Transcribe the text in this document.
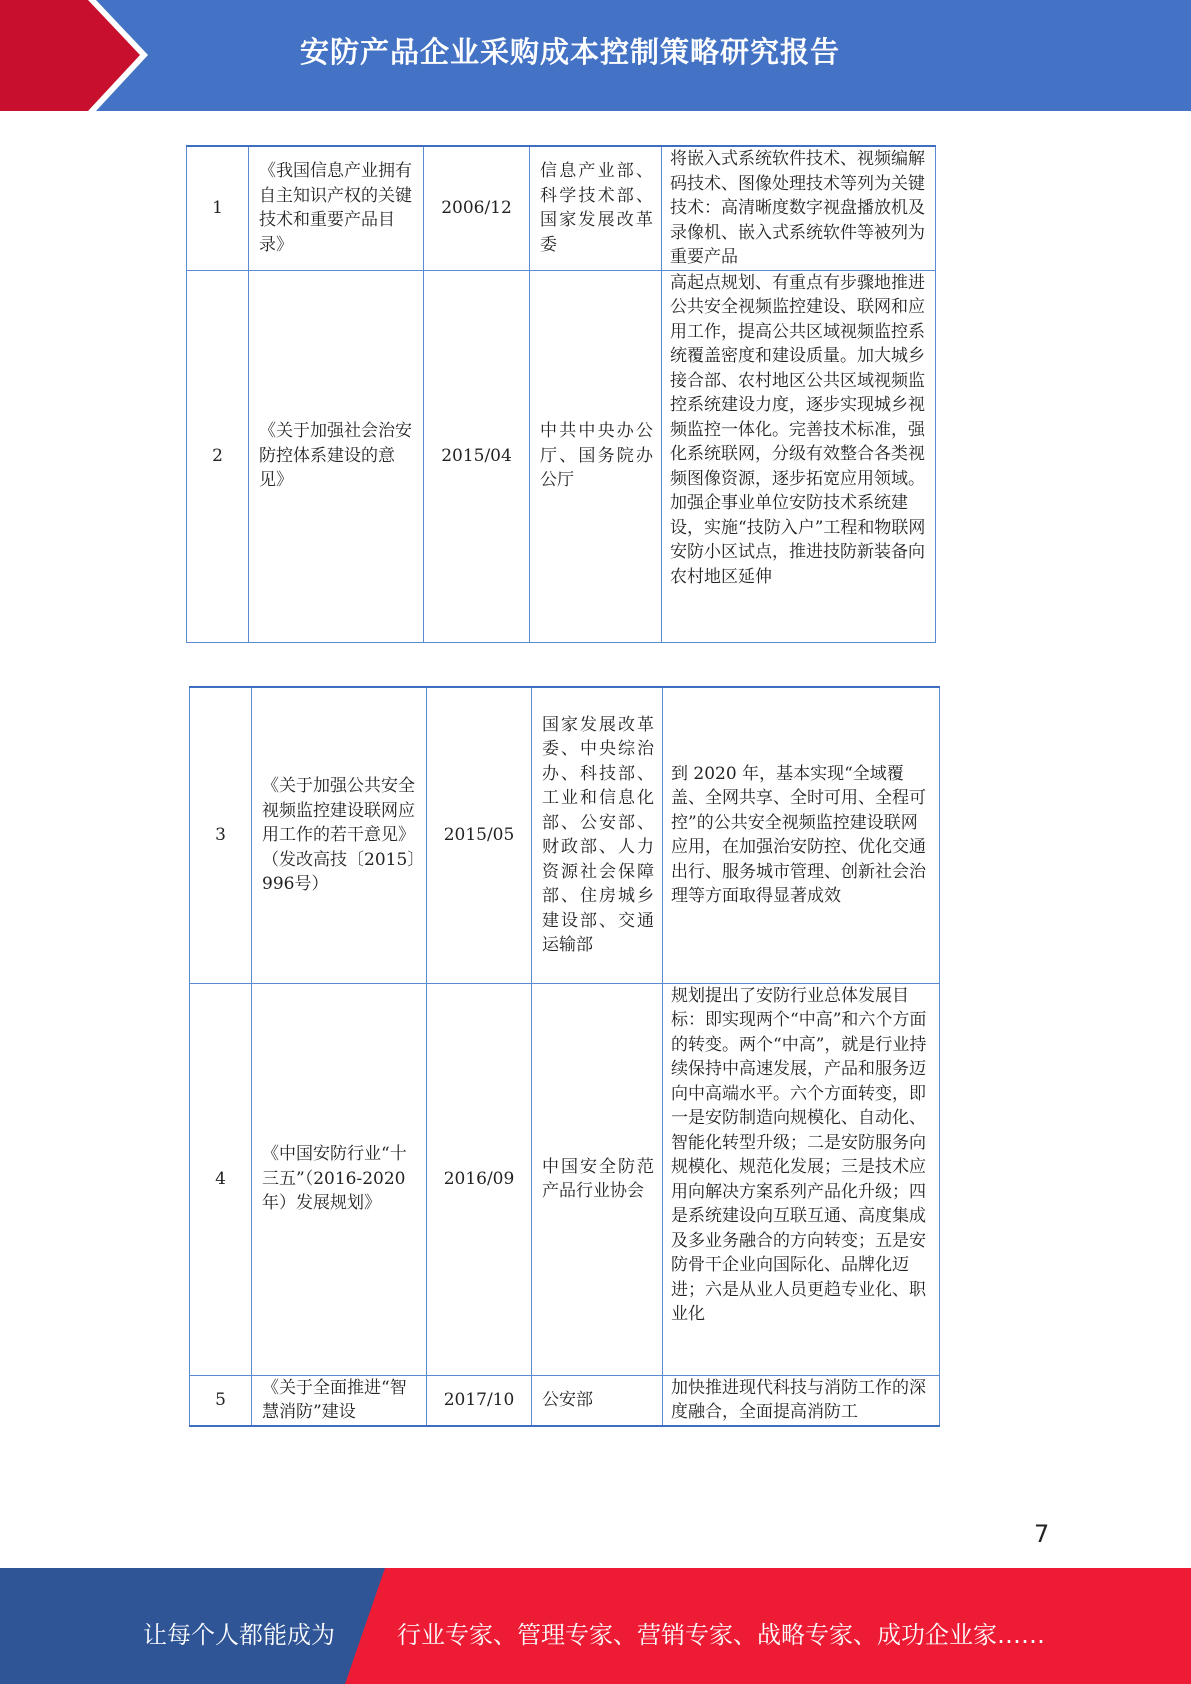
安防产品企业采购成本控制策略研究报告
1	《我国信息产业拥有自主知识产权的关键技术和重要产品目录》	2006/12	信息产业部、科学技术部、国家发展改革委	将嵌入式系统软件技术、视频编解码技术、图像处理技术等列为关键技术：高清晰度数字视盘播放机及录像机、嵌入式系统软件等被列为重要产品
2	《关于加强社会治安防控体系建设的意见》	2015/04	中共中央办公厅、国务院办公厅	高起点规划、有重点有步骤地推进公共安全视频监控建设、联网和应用工作，提高公共区域视频监控系统覆盖密度和建设质量。加大城乡接合部、农村地区公共区域视频监控系统建设力度，逐步实现城乡视频监控一体化。完善技术标准，强化系统联网，分级有效整合各类视频图像资源，逐步拓宽应用领域。加强企事业单位安防技术系统建设，实施“技防入户”工程和物联网安防小区试点，推进技防新装备向农村地区延伸
3	《关于加强公共安全视频监控建设联网应用工作的若干意见》（发改高技〔2015〕996号）	2015/05	国家发展改革委、中央综治办、科技部、工业和信息化部、公安部、财政部、人力资源社会保障部、住房城乡建设部、交通运输部	到 2020 年，基本实现“全域覆盖、全网共享、全时可用、全程可控”的公共安全视频监控建设联网应用，在加强治安防控、优化交通出行、服务城市管理、创新社会治理等方面取得显著成效
4	《中国安防行业“十三五”（2016-2020年）发展规划》	2016/09	中国安全防范产品行业协会	规划提出了安防行业总体发展目标：即实现两个“中高”和六个方面的转变。两个“中高”，就是行业持续保持中高速发展，产品和服务迈向中高端水平。六个方面转变，即一是安防制造向规模化、自动化、智能化转型升级；二是安防服务向规模化、规范化发展；三是技术应用向解决方案系列产品化升级；四是系统建设向互联互通、高度集成及多业务融合的方向转变；五是安防骨干企业向国际化、品牌化迈进；六是从业人员更趋专业化、职业化
5	《关于全面推进“智慧消防”建设	2017/10	公安部	加快推进现代科技与消防工作的深度融合，全面提高消防工
7
让每个人都能成为	行业专家、管理专家、营销专家、战略专家、成功企业家……
